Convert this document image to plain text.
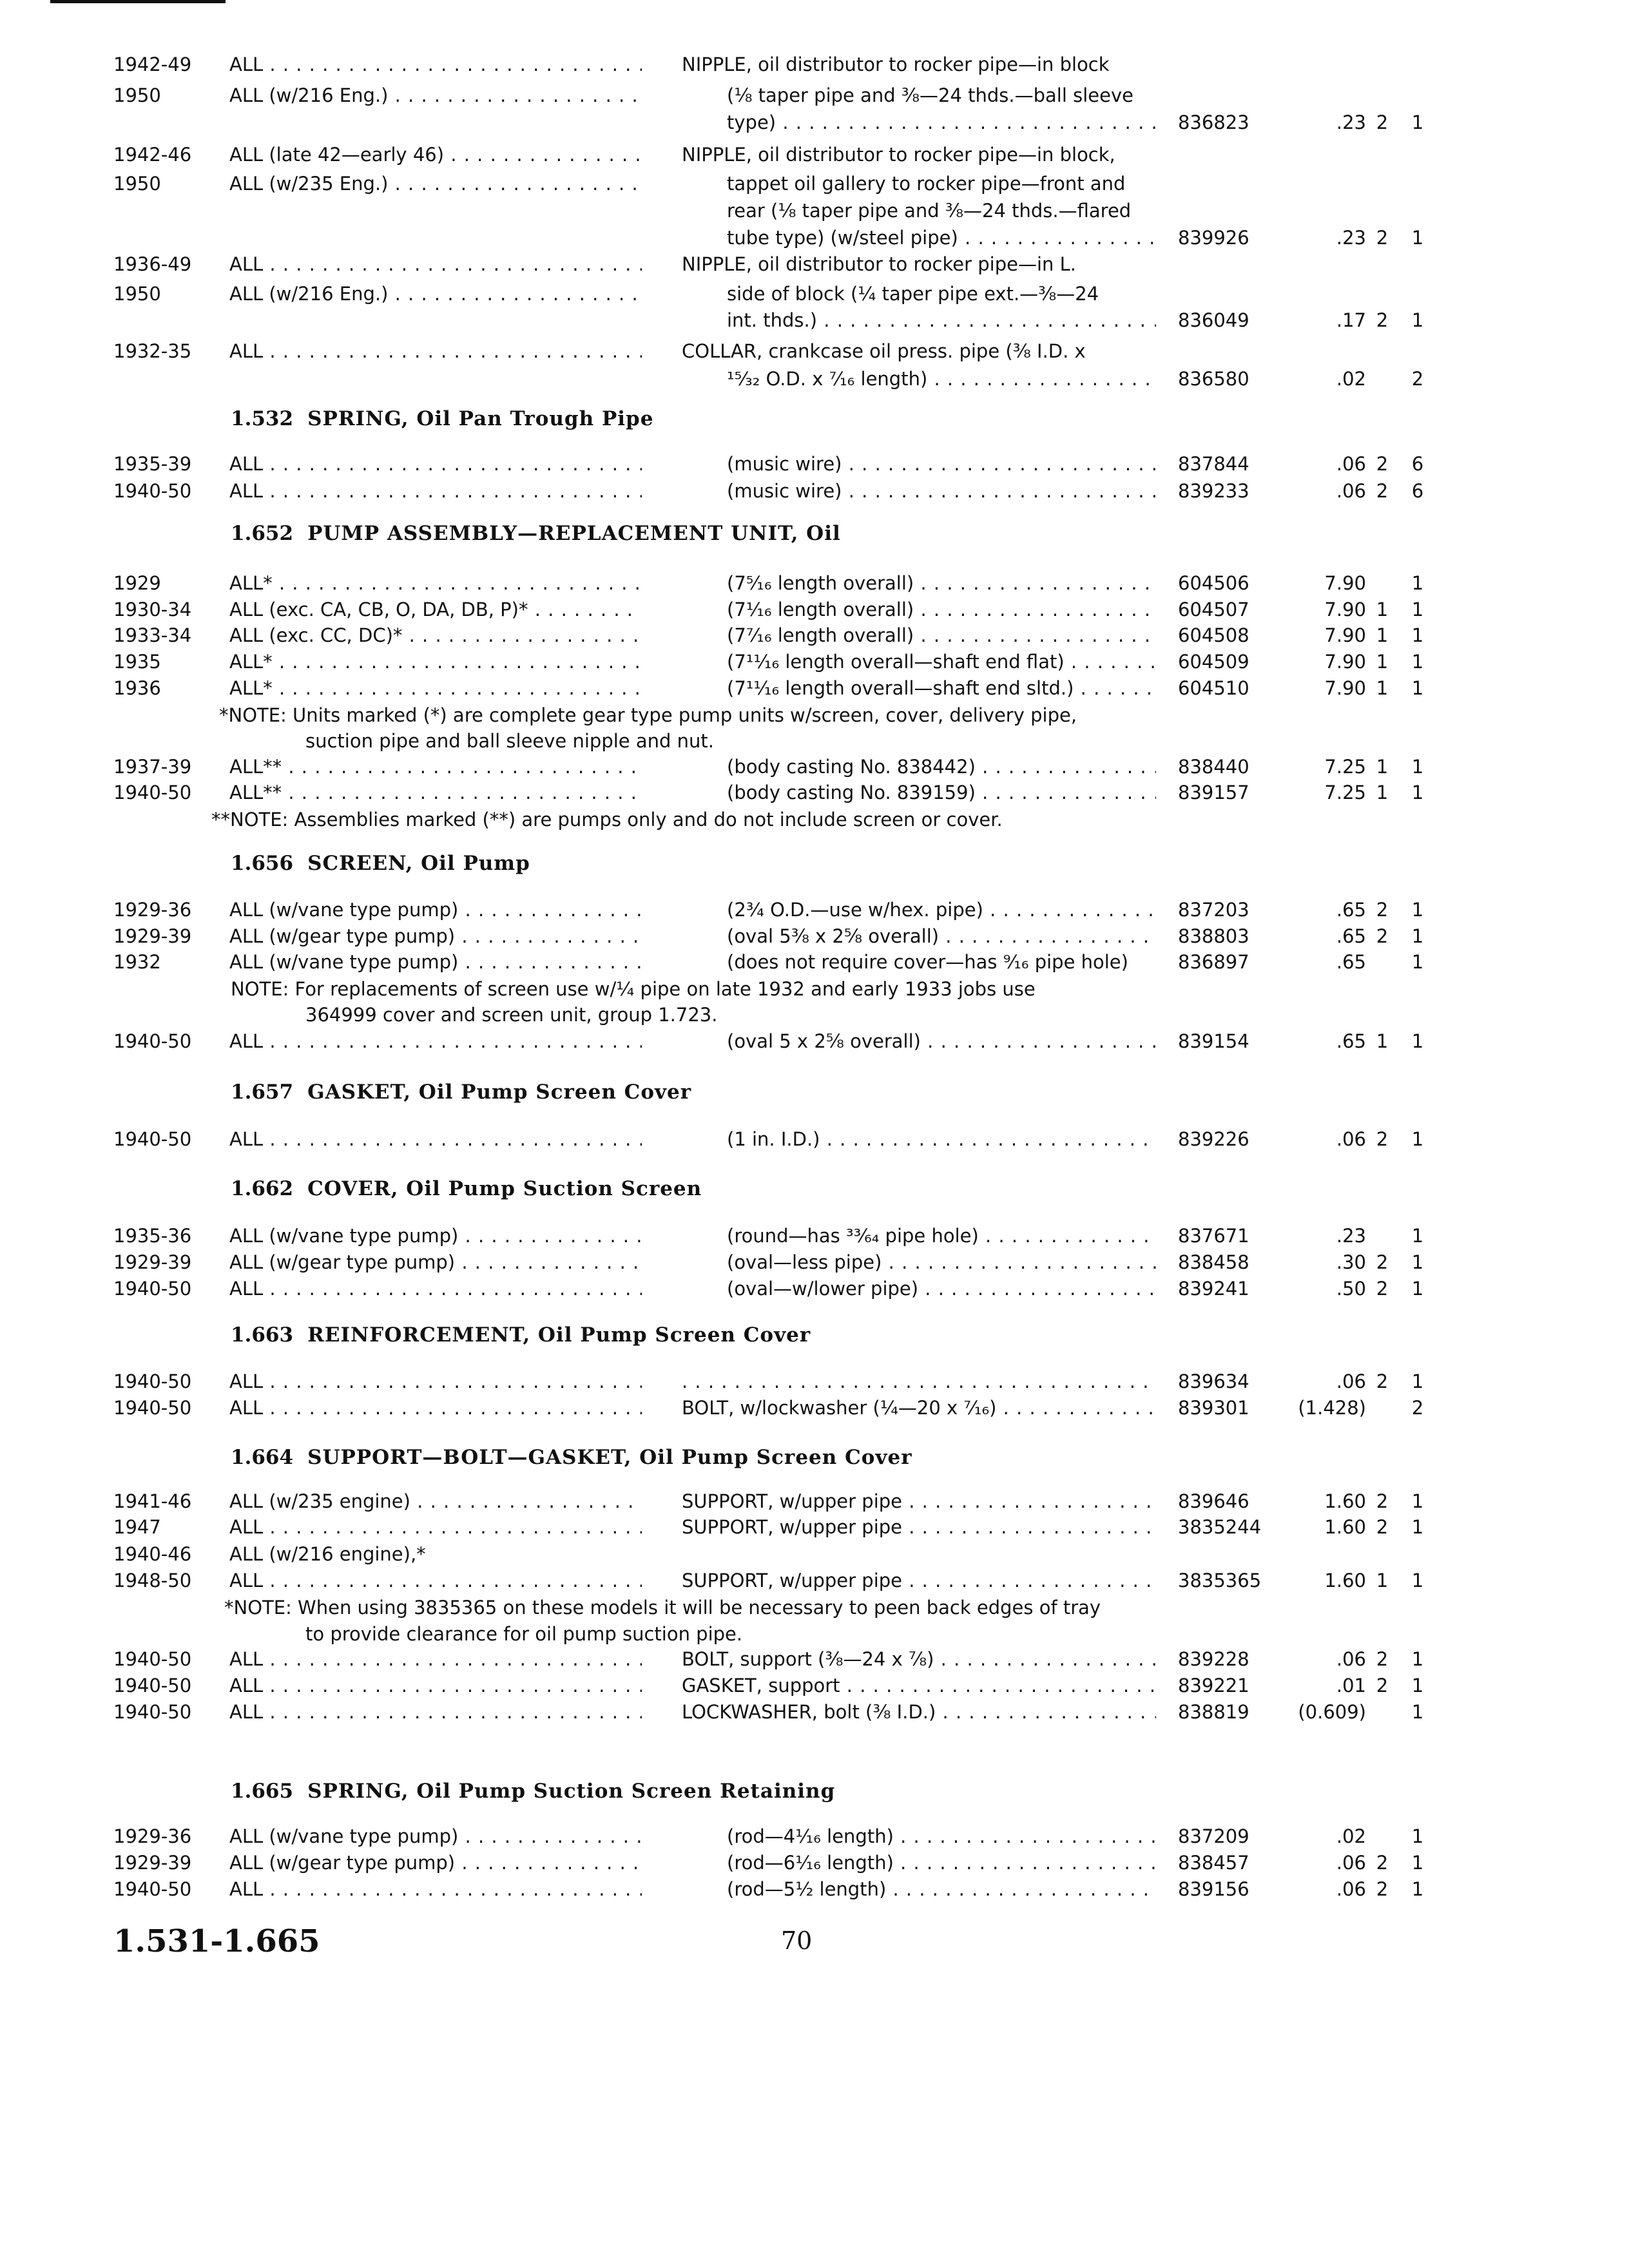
1.532 SPRING, Oil Pan Trough Pipe
1.652 PUMP ASSEMBLY—REPLACEMENT UNIT, Oil
1.656 SCREEN, Oil Pump
1.657 GASKET, Oil Pump Screen Cover
1.662 COVER, Oil Pump Suction Screen
1.663 REINFORCEMENT, Oil Pump Screen Cover
1.664 SUPPORT—BOLT—GASKET, Oil Pump Screen Cover
1.665 SPRING, Oil Pump Suction Screen Retaining
*NOTE: Units marked (*) are complete gear type pump units w/screen, cover, delivery pipe,
suction pipe and ball sleeve nipple and nut.
**NOTE: Assemblies marked (**) are pumps only and do not include screen or cover.
NOTE: For replacements of screen use w/¼ pipe on late 1932 and early 1933 jobs use
364999 cover and screen unit, group 1.723.
*NOTE: When using 3835365 on these models it will be necessary to peen back edges of tray
to provide clearance for oil pump suction pipe.
1942-49 ALL . . .	NIPPLE, oil distributor to rocker pipe—in block
1950	ALL (w/216 Eng.) . . .	(⅛ taper pipe and ⅜—24 thds.—ball sleeve
type) . . .	836823	.23 2	1
1942-46 ALL (late 42—early 46) . . .	NIPPLE, oil distributor to rocker pipe—in block,
1950	ALL (w/235 Eng.) . . .	tappet oil gallery to rocker pipe—front and
rear (⅛ taper pipe and ⅜—24 thds.—flared
tube type) (w/steel pipe) . . .	839926	.23 2	1
1936-49 ALL . . .	NIPPLE, oil distributor to rocker pipe—in L.
1950	ALL (w/216 Eng.) . . .	side of block (¼ taper pipe ext.—⅜—24
int. thds.) . . .	836049	.17 2	1
1932-35 ALL . . .	COLLAR, crankcase oil press. pipe (⅜ I.D. x
¹⁵⁄₃₂ O.D. x ⁷⁄₁₆ length) . . .	836580	.02	2
1935-39 ALL . . .	(music wire) . . .	837844	.06 2	6
1940-50 ALL . . .	(music wire) . . .	839233	.06 2	6
1929	ALL* . . .	(7⁵⁄₁₆ length overall) . . .	604506	7.90	1
1930-34 ALL (exc. CA, CB, O, DA, DB, P)* . . .	(7¹⁄₁₆ length overall) . . .	604507	7.90 1	1
1933-34 ALL (exc. CC, DC)* . . .	(7⁷⁄₁₆ length overall) . . .	604508	7.90 1	1
1935	ALL* . . .	(7¹¹⁄₁₆ length overall—shaft end flat) . . .	604509	7.90 1	1
1936	ALL* . . .	(7¹¹⁄₁₆ length overall—shaft end sltd.) . . .	604510	7.90 1	1
1937-39 ALL** . . .	(body casting No. 838442) . . .	838440	7.25 1	1
1940-50 ALL** . . .	(body casting No. 839159) . . .	839157	7.25 1	1
1929-36 ALL (w/vane type pump) . . .	(2¾ O.D.—use w/hex. pipe) . . .	837203	.65 2	1
1929-39 ALL (w/gear type pump) . . .	(oval 5⅜ x 2⅝ overall) . . .	838803	.65 2	1
1932	ALL (w/vane type pump) . . .	(does not require cover—has ⁹⁄₁₆ pipe hole)	836897	.65	1
1940-50 ALL . . .	(oval 5 x 2⅝ overall) . . .	839154	.65 1	1
1940-50 ALL . . .	(1 in. I.D.) . . .	839226	.06 2	1
1935-36 ALL (w/vane type pump) . . .	(round—has ³³⁄₆₄ pipe hole) . . .	837671	.23	1
1929-39 ALL (w/gear type pump) . . .	(oval—less pipe) . . .	838458	.30 2	1
1940-50 ALL . . .	(oval—w/lower pipe) . . .	839241	.50 2	1
1940-50 ALL . . .
. . .	839634	.06 2	1
1940-50 ALL . . .	BOLT, w/lockwasher (¼—20 x ⁷⁄₁₆) . . .	839301	(1.428)	2
1941-46 ALL (w/235 engine) . . .	SUPPORT, w/upper pipe . . .	839646	1.60 2	1
1947	ALL . . .	SUPPORT, w/upper pipe . . .	3835244	1.60 2	1
1940-46 ALL (w/216 engine),*
1948-50 ALL . . .	SUPPORT, w/upper pipe . . .	3835365	1.60 1	1
1940-50 ALL . . .	BOLT, support (⅜—24 x ⅞) . . .	839228	.06 2	1
1940-50 ALL . . .	GASKET, support . . .	839221	.01 2	1
1940-50 ALL . . .	LOCKWASHER, bolt (⅜ I.D.) . . .	838819	(0.609)	1
1929-36 ALL (w/vane type pump) . . .	(rod—4¹⁄₁₆ length) . . .	837209	.02	1
1929-39 ALL (w/gear type pump) . . .	(rod—6¹⁄₁₆ length) . . .	838457	.06 2	1
1940-50 ALL . . .	(rod—5½ length) . . .	839156	.06 2	1
1.531-1.665	70
